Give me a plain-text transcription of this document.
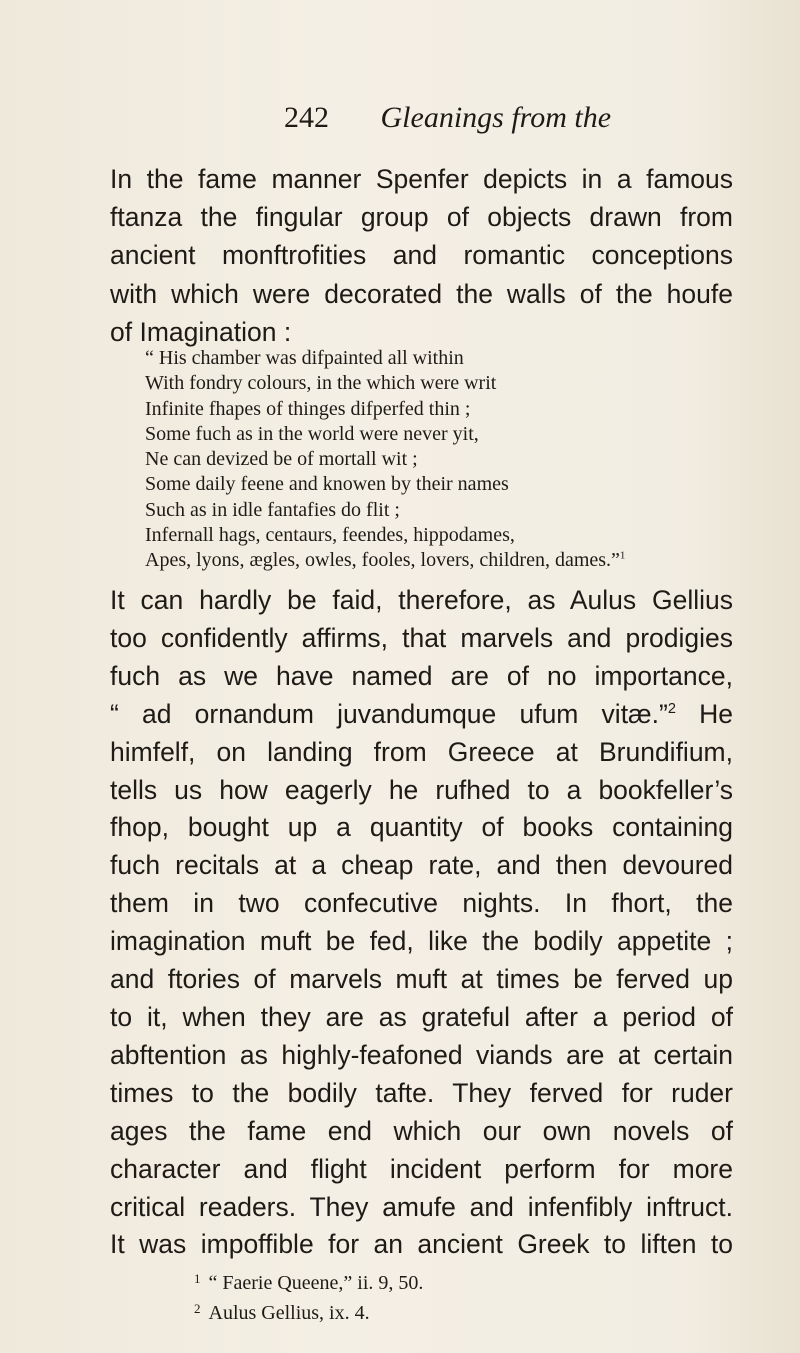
242 Gleanings from the
In the fame manner Spenfer depicts in a famous
ftanza the fingular group of objects drawn from
ancient monftrofities and romantic conceptions
with which were decorated the walls of the houfe
of Imagination :
“ His chamber was difpainted all within
With fondry colours, in the which were writ
Infinite fhapes of thinges difperfed thin ;
Some fuch as in the world were never yit,
Ne can devized be of mortall wit ;
Some daily feene and knowen by their names
Such as in idle fantafies do flit ;
Infernall hags, centaurs, feendes, hippodames,
Apes, lyons, ægles, owles, fooles, lovers, children, dames.”$^1$
It can hardly be faid, therefore, as Aulus Gellius
too confidently affirms, that marvels and prodigies
fuch as we have named are of no importance,
“ ad ornandum juvandumque ufum vitæ.”$^2$ He
himfelf, on landing from Greece at Brundifium,
tells us how eagerly he rufhed to a bookfeller’s
fhop, bought up a quantity of books containing
fuch recitals at a cheap rate, and then devoured
them in two confecutive nights. In fhort, the
imagination muft be fed, like the bodily appetite ;
and ftories of marvels muft at times be ferved up
to it, when they are as grateful after a period of
abftention as highly-feafoned viands are at certain
times to the bodily tafte. They ferved for ruder
ages the fame end which our own novels of
character and flight incident perform for more
critical readers. They amufe and infenfibly inftruct.
It was impoffible for an ancient Greek to liften to
$^1$ “ Faerie Queene,” ii. 9, 50.
$^2$ Aulus Gellius, ix. 4.
